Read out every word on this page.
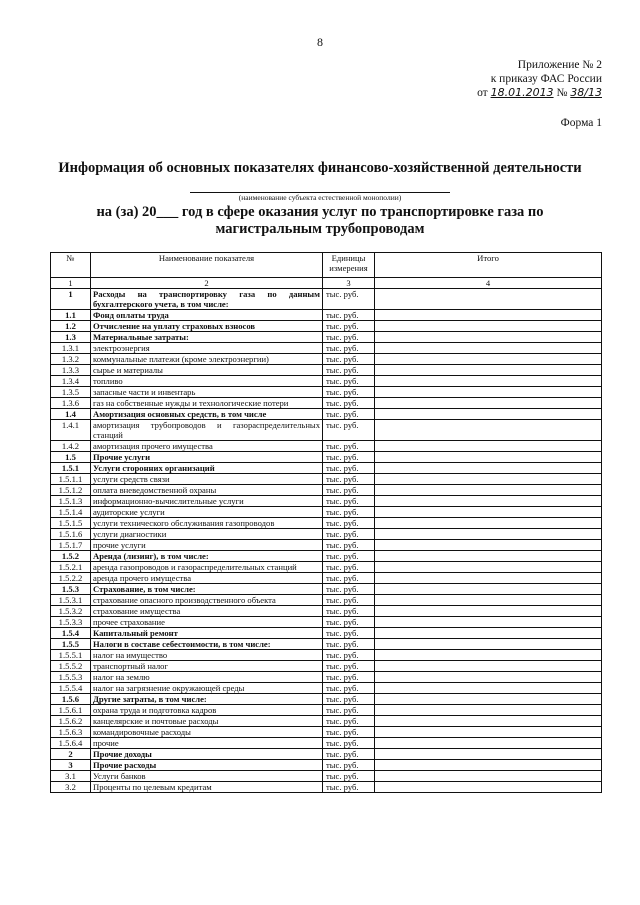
8
Приложение № 2
к приказу ФАС России
от 18.01.2013 № 38/13
Форма 1
Информация об основных показателях финансово-хозяйственной деятельности
(наименование субъекта естественной монополии)
на (за) 20___ год в сфере оказания услуг по транспортировке газа по магистральным трубопроводам
№	Наименование показателя	Единицы измерения	Итого
1	2	3	4
1	Расходы на транспортировку газа по данным бухгалтерского учета, в том числе:	тыс. руб.	
1.1	Фонд оплаты труда	тыс. руб.	
1.2	Отчисление на уплату страховых взносов	тыс. руб.	
1.3	Материальные затраты:	тыс. руб.	
1.3.1	электроэнергия	тыс. руб.	
1.3.2	коммунальные платежи (кроме электроэнергии)	тыс. руб.	
1.3.3	сырье и материалы	тыс. руб.	
1.3.4	топливо	тыс. руб.	
1.3.5	запасные части и инвентарь	тыс. руб.	
1.3.6	газ на собственные нужды и технологические потери	тыс. руб.	
1.4	Амортизация основных средств, в том числе	тыс. руб.	
1.4.1	амортизация трубопроводов и газораспределительных станций	тыс. руб.	
1.4.2	амортизация прочего имущества	тыс. руб.	
1.5	Прочие услуги	тыс. руб.	
1.5.1	Услуги сторонних организаций	тыс. руб.	
1.5.1.1	услуги средств связи	тыс. руб.	
1.5.1.2	оплата вневедомственной охраны	тыс. руб.	
1.5.1.3	информационно-вычислительные услуги	тыс. руб.	
1.5.1.4	аудиторские услуги	тыс. руб.	
1.5.1.5	услуги технического обслуживания газопроводов	тыс. руб.	
1.5.1.6	услуги диагностики	тыс. руб.	
1.5.1.7	прочие услуги	тыс. руб.	
1.5.2	Аренда (лизинг), в том числе:	тыс. руб.	
1.5.2.1	аренда газопроводов и газораспределительных станций	тыс. руб.	
1.5.2.2	аренда прочего имущества	тыс. руб.	
1.5.3	Страхование, в том числе:	тыс. руб.	
1.5.3.1	страхование опасного производственного объекта	тыс. руб.	
1.5.3.2	страхование имущества	тыс. руб.	
1.5.3.3	прочее страхование	тыс. руб.	
1.5.4	Капитальный ремонт	тыс. руб.	
1.5.5	Налоги в составе себестоимости, в том числе:	тыс. руб.	
1.5.5.1	налог на имущество	тыс. руб.	
1.5.5.2	транспортный налог	тыс. руб.	
1.5.5.3	налог на землю	тыс. руб.	
1.5.5.4	налог на загрязнение окружающей среды	тыс. руб.	
1.5.6	Другие затраты, в том числе:	тыс. руб.	
1.5.6.1	охрана труда и подготовка кадров	тыс. руб.	
1.5.6.2	канцелярские и почтовые расходы	тыс. руб.	
1.5.6.3	командировочные расходы	тыс. руб.	
1.5.6.4	прочие	тыс. руб.	
2	Прочие доходы	тыс. руб.	
3	Прочие расходы	тыс. руб.	
3.1	Услуги банков	тыс. руб.	
3.2	Проценты по целевым кредитам	тыс. руб.	
